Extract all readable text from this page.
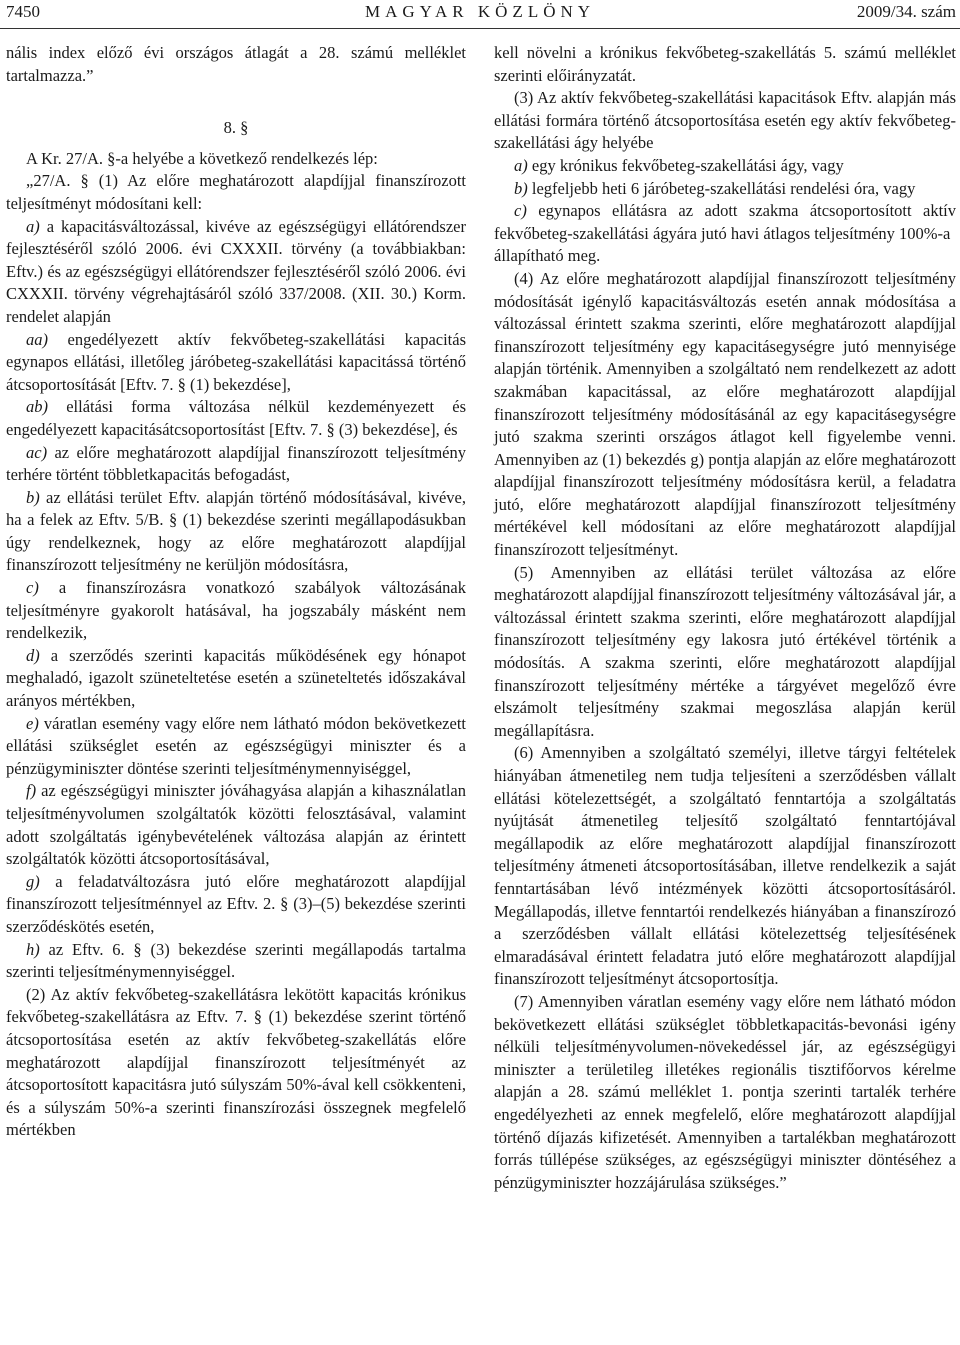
7450	MAGYAR KÖZLÖNY	2009/34. szám

nális index előző évi országos átlagát a 28. számú melléklet tartalmazza.”

8. §

A Kr. 27/A. §-a helyébe a következő rendelkezés lép:

„27/A. § (1) Az előre meghatározott alapdíjjal finanszírozott teljesítményt módosítani kell:

a) a kapacitásváltozással, kivéve az egészségügyi ellátórendszer fejlesztéséről szóló 2006. évi CXXXII. törvény (a továbbiakban: Eftv.) és az egészségügyi ellátórendszer fejlesztéséről szóló 2006. évi CXXXII. törvény végrehajtásáról szóló 337/2008. (XII. 30.) Korm. rendelet alapján

aa) engedélyezett aktív fekvőbeteg-szakellátási kapacitás egynapos ellátási, illetőleg járóbeteg-szakellátási kapacitássá történő átcsoportosítását [Eftv. 7. § (1) bekezdése],

ab) ellátási forma változása nélkül kezdeményezett és engedélyezett kapacitásátcsoportosítást [Eftv. 7. § (3) bekezdése], és

ac) az előre meghatározott alapdíjjal finanszírozott teljesítmény terhére történt többletkapacitás befogadást,

b) az ellátási terület Eftv. alapján történő módosításával, kivéve, ha a felek az Eftv. 5/B. § (1) bekezdése szerinti megállapodásukban úgy rendelkeznek, hogy az előre meghatározott alapdíjjal finanszírozott teljesítmény ne kerüljön módosításra,

c) a finanszírozásra vonatkozó szabályok változásának teljesítményre gyakorolt hatásával, ha jogszabály másként nem rendelkezik,

d) a szerződés szerinti kapacitás működésének egy hónapot meghaladó, igazolt szüneteltetése esetén a szüneteltetés időszakával arányos mértékben,

e) váratlan esemény vagy előre nem látható módon bekövetkezett ellátási szükséglet esetén az egészségügyi miniszter és a pénzügyminiszter döntése szerinti teljesítménymennyiséggel,

f) az egészségügyi miniszter jóváhagyása alapján a kihasználatlan teljesítményvolumen szolgáltatók közötti felosztásával, valamint adott szolgáltatás igénybevételének változása alapján az érintett szolgáltatók közötti átcsoportosításával,

g) a feladatváltozásra jutó előre meghatározott alapdíjjal finanszírozott teljesítménnyel az Eftv. 2. § (3)–(5) bekezdése szerinti szerződéskötés esetén,

h) az Eftv. 6. § (3) bekezdése szerinti megállapodás tartalma szerinti teljesítménymennyiséggel.

(2) Az aktív fekvőbeteg-szakellátásra lekötött kapacitás krónikus fekvőbeteg-szakellátásra az Eftv. 7. § (1) bekezdése szerint történő átcsoportosítása esetén az aktív fekvőbeteg-szakellátás előre meghatározott alapdíjjal finanszírozott teljesítményét az átcsoportosított kapacitásra jutó súlyszám 50%-ával kell csökkenteni, és a súlyszám 50%-a szerinti finanszírozási összegnek megfelelő mértékben

kell növelni a krónikus fekvőbeteg-szakellátás 5. számú melléklet szerinti előirányzatát.

(3) Az aktív fekvőbeteg-szakellátási kapacitások Eftv. alapján más ellátási formára történő átcsoportosítása esetén egy aktív fekvőbeteg-szakellátási ágy helyébe

a) egy krónikus fekvőbeteg-szakellátási ágy, vagy

b) legfeljebb heti 6 járóbeteg-szakellátási rendelési óra, vagy

c) egynapos ellátásra az adott szakma átcsoportosított aktív fekvőbeteg-szakellátási ágyára jutó havi átlagos teljesítmény 100%-a

állapítható meg.

(4) Az előre meghatározott alapdíjjal finanszírozott teljesítmény módosítását igénylő kapacitásváltozás esetén annak módosítása a változással érintett szakma szerinti, előre meghatározott alapdíjjal finanszírozott teljesítmény egy kapacitásegységre jutó mennyisége alapján történik. Amennyiben a szolgáltató nem rendelkezett az adott szakmában kapacitással, az előre meghatározott alapdíjjal finanszírozott teljesítmény módosításánál az egy kapacitásegységre jutó szakma szerinti országos átlagot kell figyelembe venni. Amennyiben az (1) bekezdés g) pontja alapján az előre meghatározott alapdíjjal finanszírozott teljesítmény módosításra kerül, a feladatra jutó, előre meghatározott alapdíjjal finanszírozott teljesítmény mértékével kell módosítani az előre meghatározott alapdíjjal finanszírozott teljesítményt.

(5) Amennyiben az ellátási terület változása az előre meghatározott alapdíjjal finanszírozott teljesítmény változásával jár, a változással érintett szakma szerinti, előre meghatározott alapdíjjal finanszírozott teljesítmény egy lakosra jutó értékével történik a módosítás. A szakma szerinti, előre meghatározott alapdíjjal finanszírozott teljesítmény mértéke a tárgyévet megelőző évre elszámolt teljesítmény szakmai megoszlása alapján kerül megállapításra.

(6) Amennyiben a szolgáltató személyi, illetve tárgyi feltételek hiányában átmenetileg nem tudja teljesíteni a szerződésben vállalt ellátási kötelezettségét, a szolgáltató fenntartója a szolgáltatás nyújtását átmenetileg teljesítő szolgáltató fenntartójával megállapodik az előre meghatározott alapdíjjal finanszírozott teljesítmény átmeneti átcsoportosításában, illetve rendelkezik a saját fenntartásában lévő intézmények közötti átcsoportosításáról. Megállapodás, illetve fenntartói rendelkezés hiányában a finanszírozó a szerződésben vállalt ellátási kötelezettség teljesítésének elmaradásával érintett feladatra jutó előre meghatározott alapdíjjal finanszírozott teljesítményt átcsoportosítja.

(7) Amennyiben váratlan esemény vagy előre nem látható módon bekövetkezett ellátási szükséglet többletkapacitás-bevonási igény nélküli teljesítményvolumen-növekedéssel jár, az egészségügyi miniszter a területileg illetékes regionális tisztifőorvos kérelme alapján a 28. számú melléklet 1. pontja szerinti tartalék terhére engedélyezheti az ennek megfelelő, előre meghatározott alapdíjjal történő díjazás kifizetését. Amennyiben a tartalékban meghatározott forrás túllépése szükséges, az egészségügyi miniszter döntéséhez a pénzügyminiszter hozzájárulása szükséges.”
